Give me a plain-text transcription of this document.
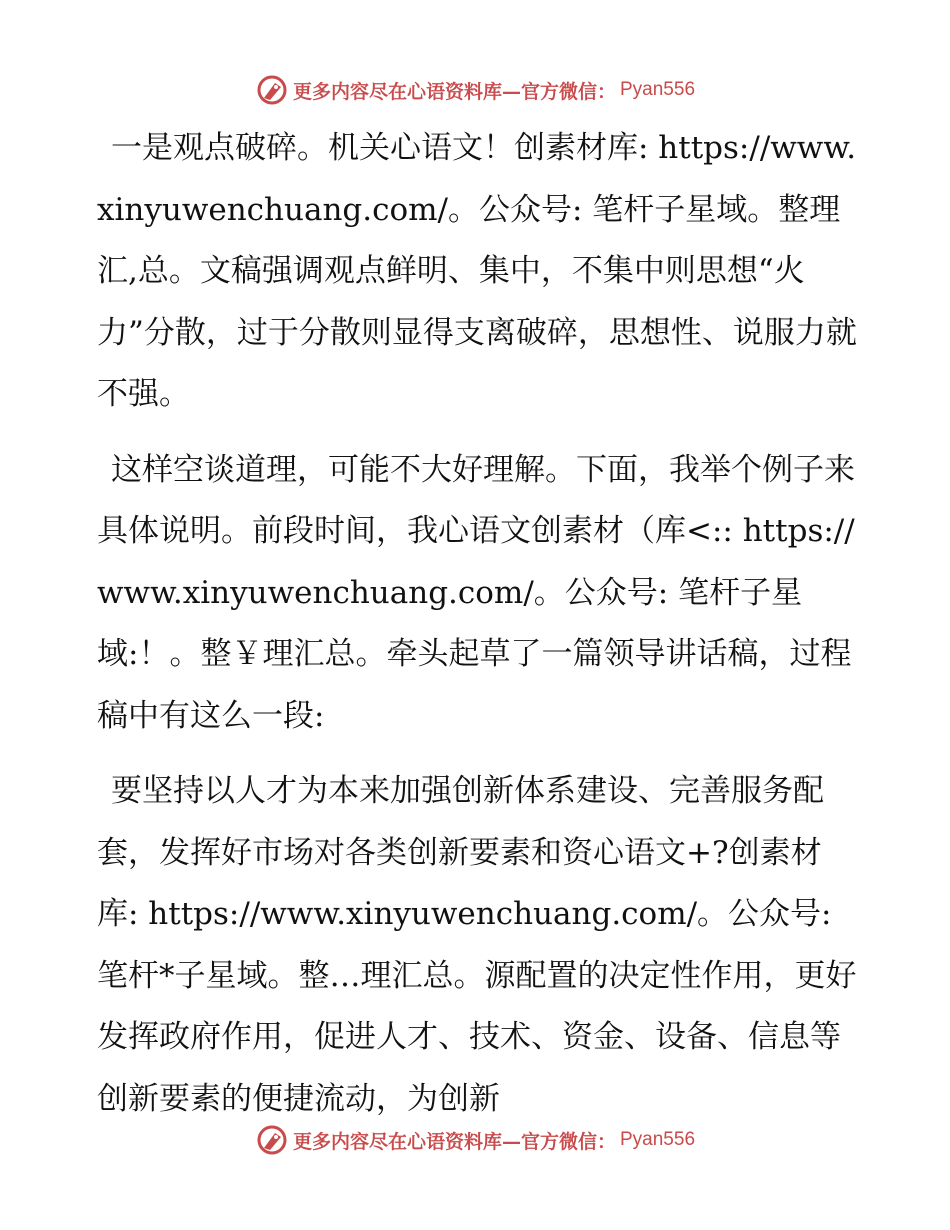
更多内容尽在心语资料库—官方微信： Pyan556

一是观点破碎。机关心语文！创素材库: https://www.xinyuwenchuang.com/。公众号: 笔杆子星域。整理汇,总。文稿强调观点鲜明、集中，不集中则思想“火力”分散，过于分散则显得支离破碎，思想性、说服力就不强。

这样空谈道理，可能不大好理解。下面，我举个例子来具体说明。前段时间，我心语文创素材（库<:: https://www.xinyuwenchuang.com/。公众号: 笔杆子星域:！。整￥理汇总。牵头起草了一篇领导讲话稿，过程稿中有这么一段:

要坚持以人才为本来加强创新体系建设、完善服务配套，发挥好市场对各类创新要素和资心语文+?创素材库: https://www.xinyuwenchuang.com/。公众号: 笔杆*子星域。整…理汇总。源配置的决定性作用，更好发挥政府作用，促进人才、技术、资金、设备、信息等创新要素的便捷流动，为创新

更多内容尽在心语资料库—官方微信： Pyan556
